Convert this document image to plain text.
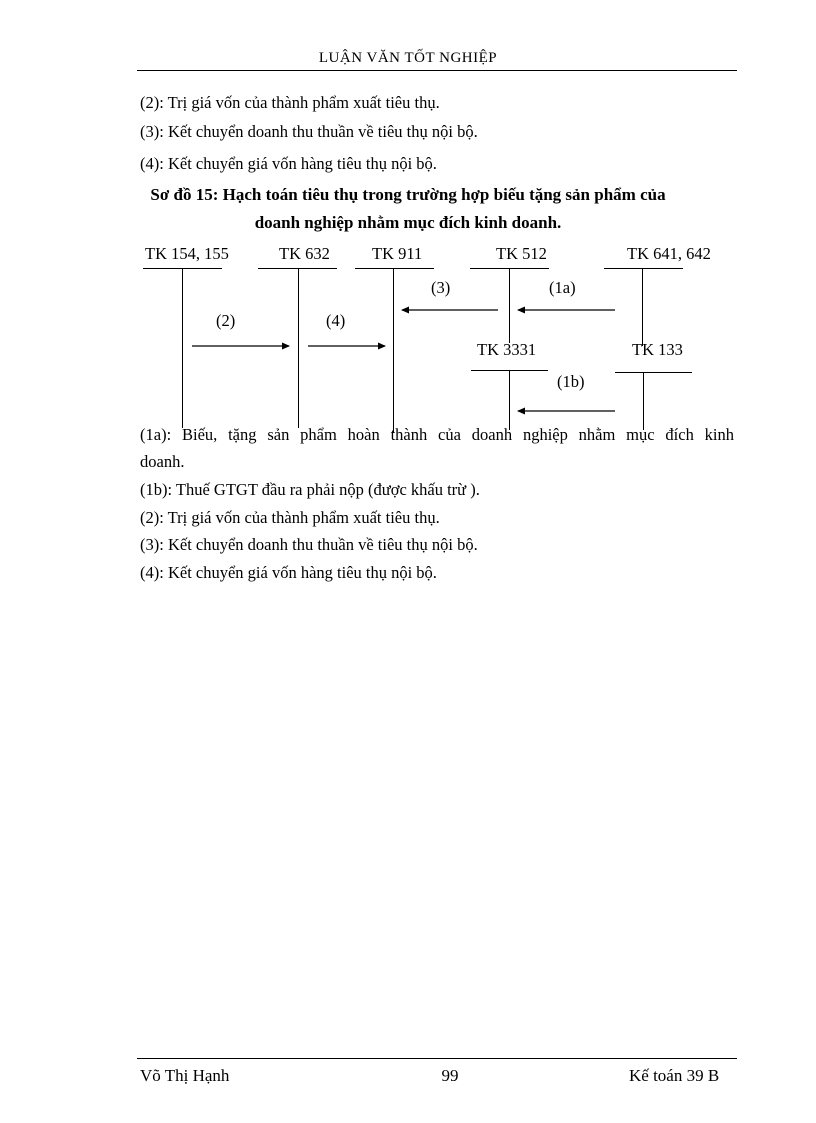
LUẬN VĂN TỐT NGHIỆP
(2): Trị giá vốn của thành phẩm xuất tiêu thụ.
(3): Kết chuyển doanh thu thuần về tiêu thụ nội bộ.
(4): Kết chuyển giá vốn hàng tiêu thụ nội bộ.
Sơ đồ 15: Hạch toán tiêu thụ trong trường hợp biếu tặng sản phẩm của
doanh nghiệp nhằm mục đích kinh doanh.
TK 154, 155	TK 632	TK 911	TK 512	TK 641, 642
TK 3331	TK 133
(2)	(4)
(3)	(1a)
(1b)
(1a): Biếu, tặng sản phẩm hoàn thành của doanh nghiệp nhằm mục đích kinh
doanh.
(1b): Thuế GTGT đầu ra phải nộp (được khấu trừ ).
(2): Trị giá vốn của thành phẩm xuất tiêu thụ.
(3): Kết chuyển doanh thu thuần về tiêu thụ nội bộ.
(4): Kết chuyển giá vốn hàng tiêu thụ nội bộ.
Võ Thị Hạnh	99	Kế toán 39 B
